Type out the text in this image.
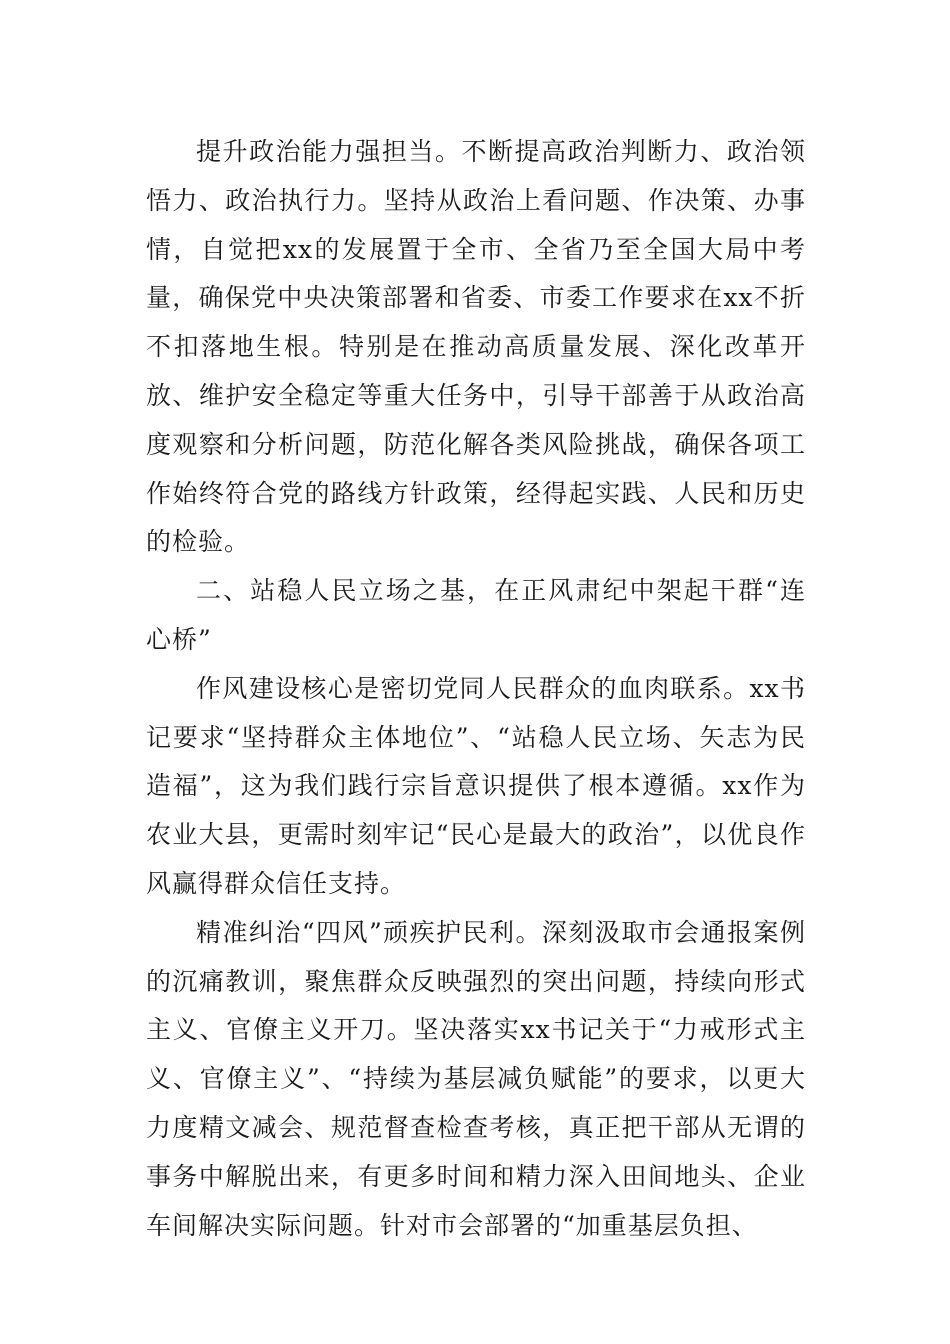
提升政治能力强担当。不断提高政治判断力、政治领悟力、政治执行力。坚持从政治上看问题、作决策、办事情，自觉把xx的发展置于全市、全省乃至全国大局中考量，确保党中央决策部署和省委、市委工作要求在xx不折不扣落地生根。特别是在推动高质量发展、深化改革开放、维护安全稳定等重大任务中，引导干部善于从政治高度观察和分析问题，防范化解各类风险挑战，确保各项工作始终符合党的路线方针政策，经得起实践、人民和历史的检验。

二、站稳人民立场之基，在正风肃纪中架起干群“连心桥”

作风建设核心是密切党同人民群众的血肉联系。xx书记要求“坚持群众主体地位”、“站稳人民立场、矢志为民造福”，这为我们践行宗旨意识提供了根本遵循。xx作为农业大县，更需时刻牢记“民心是最大的政治”，以优良作风赢得群众信任支持。

精准纠治“四风”顽疾护民利。深刻汲取市会通报案例的沉痛教训，聚焦群众反映强烈的突出问题，持续向形式主义、官僚主义开刀。坚决落实xx书记关于“力戒形式主义、官僚主义”、“持续为基层减负赋能”的要求，以更大力度精文减会、规范督查检查考核，真正把干部从无谓的事务中解脱出来，有更多时间和精力深入田间地头、企业车间解决实际问题。针对市会部署的“加重基层负担、
